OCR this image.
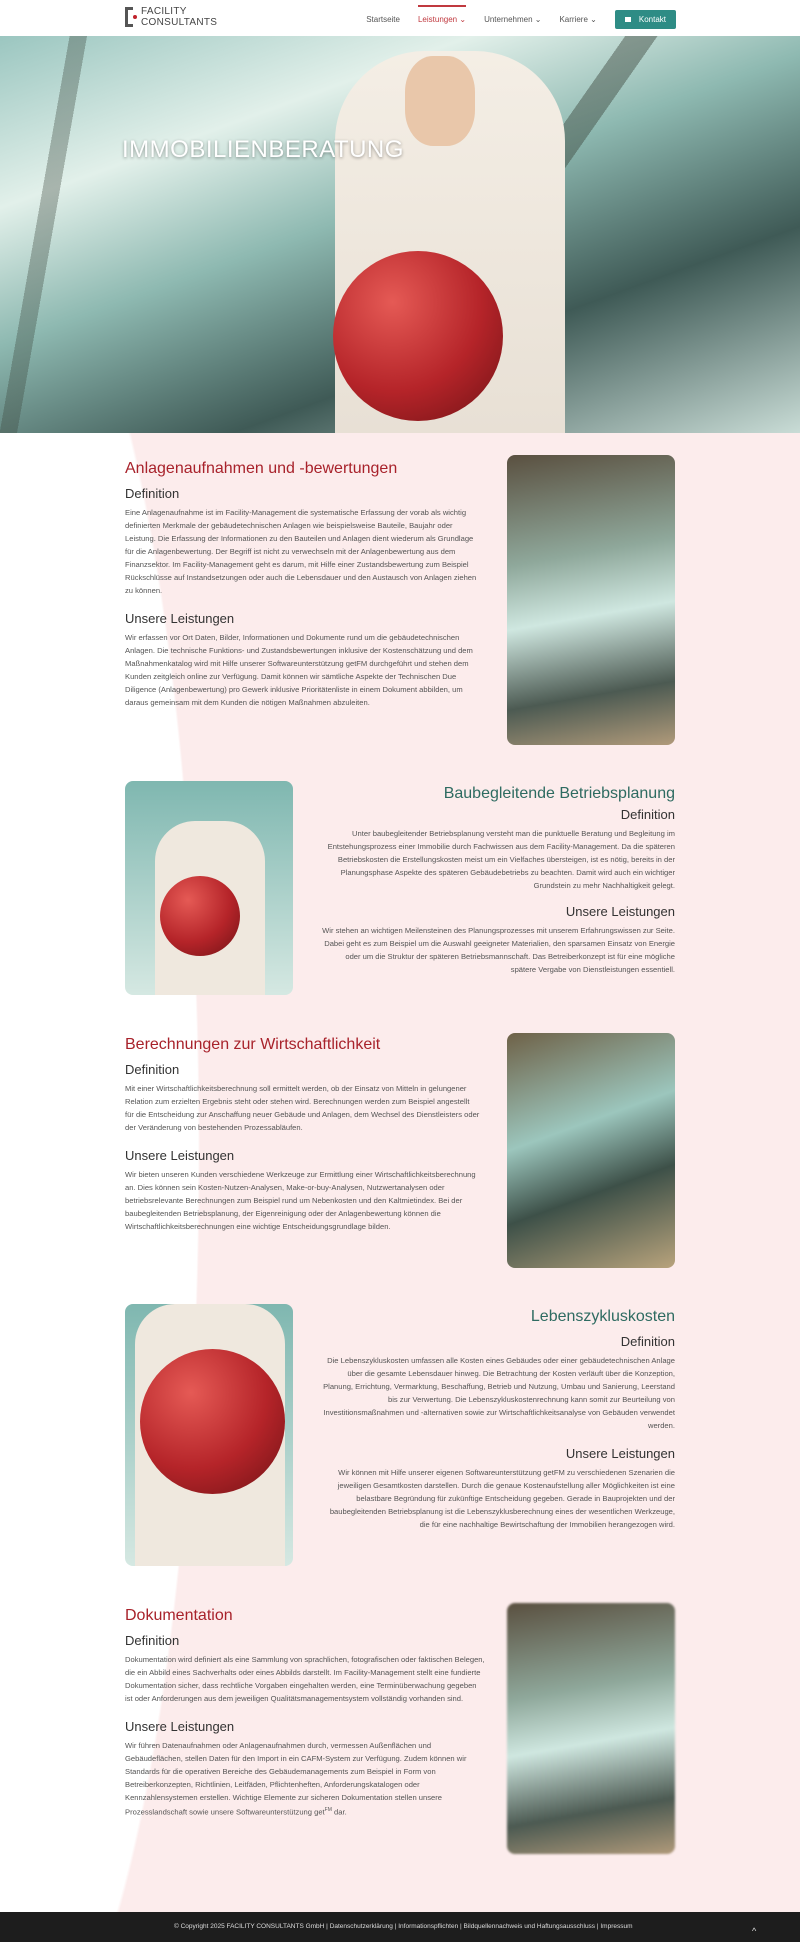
FACILITY
CONSULTANTS	Startseite Leistungen ⌄ Unternehmen ⌄ Karriere ⌄	Kontakt
IMMOBILIENBERATUNG
Anlagenaufnahmen und -bewertungen
Definition

Eine Anlagenaufnahme ist im Facility-Management die systematische Erfassung der vorab als wichtig definierten Merkmale der gebäudetechnischen Anlagen wie beispielsweise Bauteile, Baujahr oder Leistung. Die Erfassung der Informationen zu den Bauteilen und Anlagen dient wiederum als Grundlage für die Anlagenbewertung. Der Begriff ist nicht zu verwechseln mit der Anlagenbewertung aus dem Finanzsektor. Im Facility-Management geht es darum, mit Hilfe einer Zustandsbewertung zum Beispiel Rückschlüsse auf Instandsetzungen oder auch die Lebensdauer und den Austausch von Anlagen ziehen zu können.

Unsere Leistungen

Wir erfassen vor Ort Daten, Bilder, Informationen und Dokumente rund um die gebäudetechnischen Anlagen. Die technische Funktions- und Zustandsbewertungen inklusive der Kostenschätzung und dem Maßnahmenkatalog wird mit Hilfe unserer Softwareunterstützung getFM durchgeführt und stehen dem Kunden zeitgleich online zur Verfügung. Damit können wir sämtliche Aspekte der Technischen Due Diligence (Anlagenbewertung) pro Gewerk inklusive Prioritätenliste in einem Dokument abbilden, um daraus gemeinsam mit dem Kunden die nötigen Maßnahmen abzuleiten.

Baubegleitende Betriebsplanung
Definition

Unter baubegleitender Betriebsplanung versteht man die punktuelle Beratung und Begleitung im Entstehungsprozess einer Immobilie durch Fachwissen aus dem Facility-Management. Da die späteren Betriebskosten die Erstellungskosten meist um ein Vielfaches übersteigen, ist es nötig, bereits in der Planungsphase Aspekte des späteren Gebäudebetriebs zu beachten. Damit wird auch ein wichtiger Grundstein zu mehr Nachhaltigkeit gelegt.

Unsere Leistungen

Wir stehen an wichtigen Meilensteinen des Planungsprozesses mit unserem Erfahrungswissen zur Seite. Dabei geht es zum Beispiel um die Auswahl geeigneter Materialien, den sparsamen Einsatz von Energie oder um die Struktur der späteren Betriebsmannschaft. Das Betreiberkonzept ist für eine mögliche spätere Vergabe von Dienstleistungen essentiell.

Berechnungen zur Wirtschaftlichkeit
Definition

Mit einer Wirtschaftlichkeitsberechnung soll ermittelt werden, ob der Einsatz von Mitteln in gelungener Relation zum erzielten Ergebnis steht oder stehen wird. Berechnungen werden zum Beispiel angestellt für die Entscheidung zur Anschaffung neuer Gebäude und Anlagen, dem Wechsel des Dienstleisters oder der Veränderung von bestehenden Prozessabläufen.

Unsere Leistungen

Wir bieten unseren Kunden verschiedene Werkzeuge zur Ermittlung einer Wirtschaftlichkeitsberechnung an. Dies können sein Kosten-Nutzen-Analysen, Make-or-buy-Analysen, Nutzwertanalysen oder betriebsrelevante Berechnungen zum Beispiel rund um Nebenkosten und den Kaltmietindex. Bei der baubegleitenden Betriebsplanung, der Eigenreinigung oder der Anlagenbewertung können die Wirtschaftlichkeitsberechnungen eine wichtige Entscheidungsgrundlage bilden.

Lebenszykluskosten
Definition

Die Lebenszykluskosten umfassen alle Kosten eines Gebäudes oder einer gebäudetechnischen Anlage über die gesamte Lebensdauer hinweg. Die Betrachtung der Kosten verläuft über die Konzeption, Planung, Errichtung, Vermarktung, Beschaffung, Betrieb und Nutzung, Umbau und Sanierung, Leerstand bis zur Verwertung. Die Lebenszykluskostenrechnung kann somit zur Beurteilung von Investitionsmaßnahmen und -alternativen sowie zur Wirtschaftlichkeitsanalyse von Gebäuden verwendet werden.

Unsere Leistungen

Wir können mit Hilfe unserer eigenen Softwareunterstützung getFM zu verschiedenen Szenarien die jeweiligen Gesamtkosten darstellen. Durch die genaue Kostenaufstellung aller Möglichkeiten ist eine belastbare Begründung für zukünftige Entscheidung gegeben. Gerade in Bauprojekten und der baubegleitenden Betriebsplanung ist die Lebenszyklusberechnung eines der wesentlichen Werkzeuge, die für eine nachhaltige Bewirtschaftung der Immobilien herangezogen wird.

Dokumentation
Definition

Dokumentation wird definiert als eine Sammlung von sprachlichen, fotografischen oder faktischen Belegen, die ein Abbild eines Sachverhalts oder eines Abbilds darstellt. Im Facility-Management stellt eine fundierte Dokumentation sicher, dass rechtliche Vorgaben eingehalten werden, eine Terminüberwachung gegeben ist oder Anforderungen aus dem jeweiligen Qualitätsmanagementsystem vollständig vorhanden sind.

Unsere Leistungen

Wir führen Datenaufnahmen oder Anlagenaufnahmen durch, vermessen Außenflächen und Gebäudeflächen, stellen Daten für den Import in ein CAFM-System zur Verfügung. Zudem können wir Standards für die operativen Bereiche des Gebäudemanagements zum Beispiel in Form von Betreiberkonzepten, Richtlinien, Leitfäden, Pflichtenheften, Anforderungskatalogen oder Kennzahlensystemen erstellen. Wichtige Elemente zur sicheren Dokumentation stellen unsere Prozesslandschaft sowie unsere Softwareunterstützung get$^{FM}$ dar.

© Copyright 2025 FACILITY CONSULTANTS GmbH | Datenschutzerklärung | Informationspflichten | Bildquellennachweis und Haftungsausschluss | Impressum	^
